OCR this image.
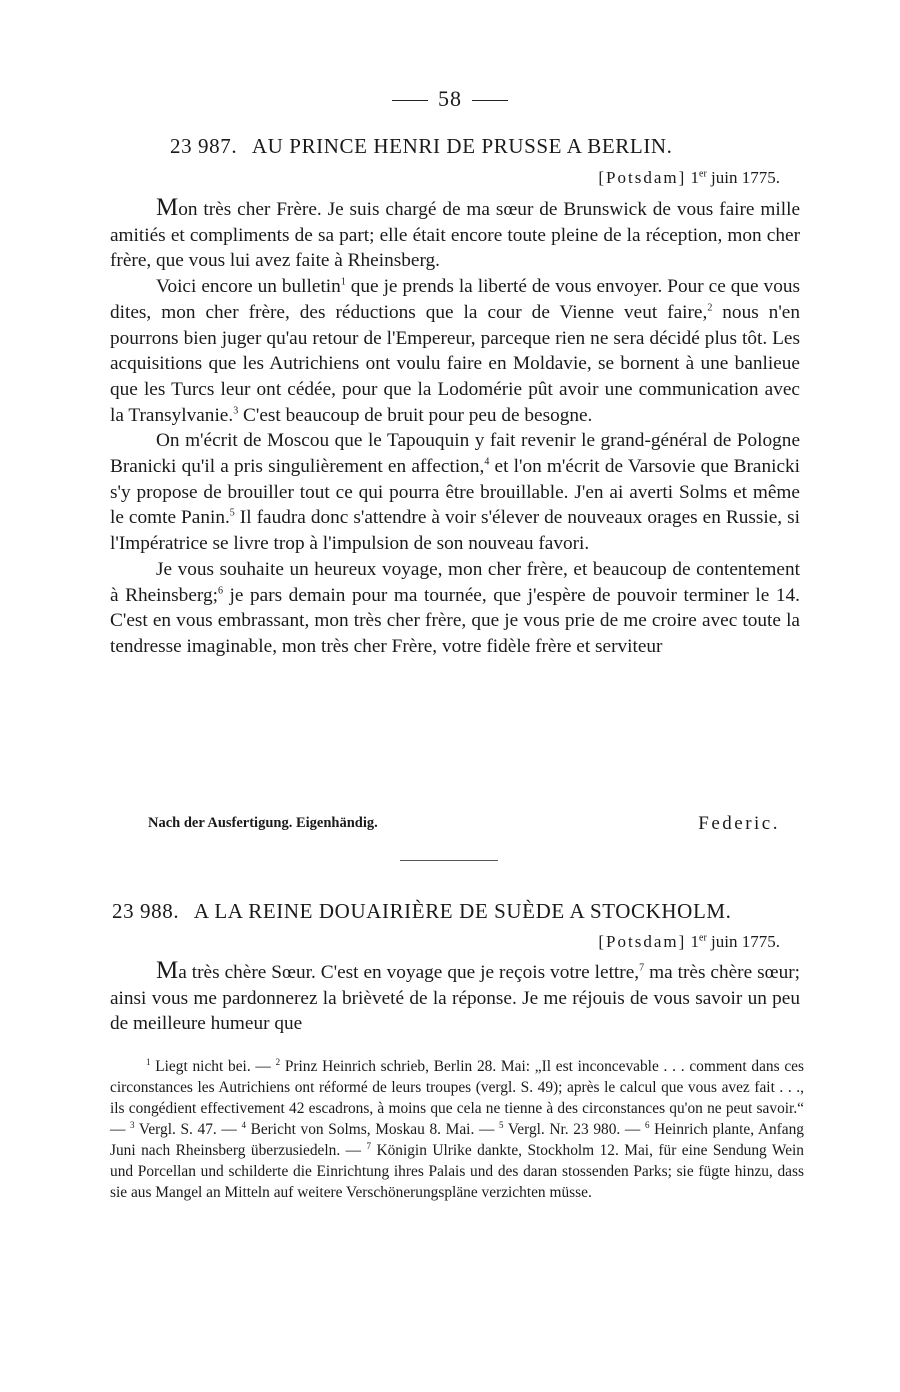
58
23 987. AU PRINCE HENRI DE PRUSSE A BERLIN.
[Potsdam] 1er juin 1775.

Mon très cher Frère. Je suis chargé de ma sœur de Brunswick de vous faire mille amitiés et compliments de sa part; elle était encore toute pleine de la réception, mon cher frère, que vous lui avez faite à Rheinsberg.

Voici encore un bulletin$^1$ que je prends la liberté de vous envoyer. Pour ce que vous dites, mon cher frère, des réductions que la cour de Vienne veut faire,$^2$ nous n'en pourrons bien juger qu'au retour de l'Empereur, parceque rien ne sera décidé plus tôt. Les acquisitions que les Autrichiens ont voulu faire en Moldavie, se bornent à une banlieue que les Turcs leur ont cédée, pour que la Lodomérie pût avoir une communication avec la Transylvanie.$^3$ C'est beaucoup de bruit pour peu de besogne.

On m'écrit de Moscou que le Tapouquin y fait revenir le grand-général de Pologne Branicki qu'il a pris singulièrement en affection,$^4$ et l'on m'écrit de Varsovie que Branicki s'y propose de brouiller tout ce qui pourra être brouillable. J'en ai averti Solms et même le comte Panin.$^5$ Il faudra donc s'attendre à voir s'élever de nouveaux orages en Russie, si l'Impératrice se livre trop à l'impulsion de son nouveau favori.

Je vous souhaite un heureux voyage, mon cher frère, et beaucoup de contentement à Rheinsberg;$^6$ je pars demain pour ma tournée, que j'espère de pouvoir terminer le 14. C'est en vous embrassant, mon très cher frère, que je vous prie de me croire avec toute la tendresse imaginable, mon très cher Frère, votre fidèle frère et serviteur

Nach der Ausfertigung. Eigenhändig.	Federic.
23 988. A LA REINE DOUAIRIÈRE DE SUÈDE A STOCKHOLM.
[Potsdam] 1er juin 1775.

Ma très chère Sœur. C'est en voyage que je reçois votre lettre,$^7$ ma très chère sœur; ainsi vous me pardonnerez la brièveté de la réponse. Je me réjouis de vous savoir un peu de meilleure humeur que

$^1$ Liegt nicht bei. — $^2$ Prinz Heinrich schrieb, Berlin 28. Mai: „Il est inconcevable . . . comment dans ces circonstances les Autrichiens ont réformé de leurs troupes (vergl. S. 49); après le calcul que vous avez fait . . ., ils congédient effectivement 42 escadrons, à moins que cela ne tienne à des circonstances qu'on ne peut savoir.“ — $^3$ Vergl. S. 47. — $^4$ Bericht von Solms, Moskau 8. Mai. — $^5$ Vergl. Nr. 23 980. — $^6$ Heinrich plante, Anfang Juni nach Rheinsberg überzusiedeln. — $^7$ Königin Ulrike dankte, Stockholm 12. Mai, für eine Sendung Wein und Porcellan und schilderte die Einrichtung ihres Palais und des daran stossenden Parks; sie fügte hinzu, dass sie aus Mangel an Mitteln auf weitere Verschönerungspläne verzichten müsse.
